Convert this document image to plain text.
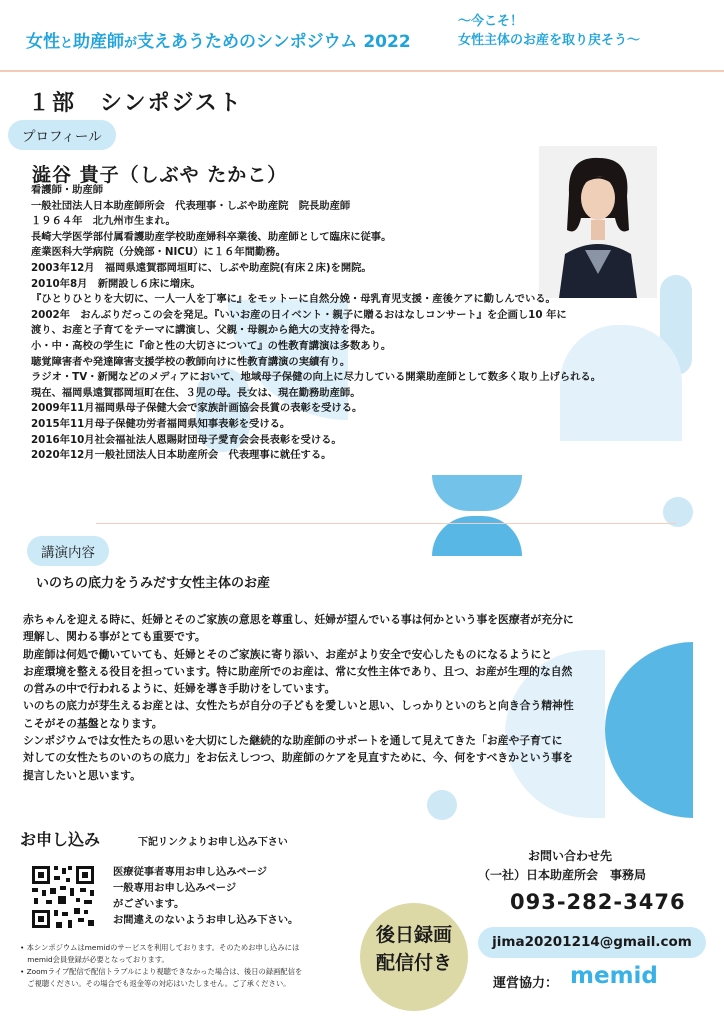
女性と助産師が支えあうためのシンポジウム 2022
〜今こそ！
女性主体のお産を取り戻そう〜
１部　シンポジスト
プロフィール
澁谷 貴子（しぶや たかこ）
看護師・助産師
一般社団法人日本助産師所会　代表理事・しぶや助産院　院長助産師
１９６４年　北九州市生まれ。
長崎大学医学部付属看護助産学校助産婦科卒業後、助産師として臨床に従事。
産業医科大学病院（分娩部・NICU）に１６年間勤務。
2003年12月　福岡県遠賀郡岡垣町に、しぶや助産院(有床２床)を開院。
2010年8月　新開設し６床に増床。
『ひとりひとりを大切に、一人一人を丁寧に』をモットーに自然分娩・母乳育児支援・産後ケアに勤しんでいる。
2002年　おんぶりだっこの会を発足。『いいお産の日イベント・親子に贈るおはなしコンサート』を企画し10 年に
渡り、お産と子育てをテーマに講演し、父親・母親から絶大の支持を得た。
小・中・高校の学生に『命と性の大切さについて』の性教育講演は多数あり。
聴覚障害者や発達障害支援学校の教師向けに性教育講演の実績有り。
ラジオ・TV・新聞などのメディアにおいて、地域母子保健の向上に尽力している開業助産師として数多く取り上げられる。
現在、福岡県遠賀郡岡垣町在住、３児の母。長女は、現在勤務助産師。
2009年11月福岡県母子保健大会で家族計画協会長賞の表彰を受ける。
2015年11月母子保健功労者福岡県知事表彰を受ける。
2016年10月社会福祉法人恩賜財団母子愛育会会長表彰を受ける。
2020年12月一般社団法人日本助産所会　代表理事に就任する。
講演内容
いのちの底力をうみだす女性主体のお産
赤ちゃんを迎える時に、妊婦とそのご家族の意思を尊重し、妊婦が望んでいる事は何かという事を医療者が充分に
理解し、関わる事がとても重要です。
助産師は何処で働いていても、妊婦とそのご家族に寄り添い、お産がより安全で安心したものになるようにと
お産環境を整える役目を担っています。特に助産所でのお産は、常に女性主体であり、且つ、お産が生理的な自然
の営みの中で行われるように、妊婦を導き手助けをしています。
いのちの底力が芽生えるお産とは、女性たちが自分の子どもを愛しいと思い、しっかりといのちと向き合う精神性
こそがその基盤となります。
シンポジウムでは女性たちの思いを大切にした継続的な助産師のサポートを通して見えてきた「お産や子育てに
対しての女性たちのいのちの底力」をお伝えしつつ、助産師のケアを見直すために、今、何をすべきかという事を
提言したいと思います。
お申し込み	下記リンクよりお申し込み下さい
医療従事者専用お申し込みページ
一般専用お申し込みページ
がございます。
お間違えのないようお申し込み下さい。
• 本シンポジウムはmemidのサービスを利用しております。そのためお申し込みには
　memid会員登録が必要となっております。
• Zoomライブ配信で配信トラブルにより視聴できなかった場合は、後日の録画配信を
　ご視聴ください。その場合でも返金等の対応はいたしません。ご了承ください。
後日録画
配信付き
お問い合わせ先
（一社）日本助産所会　事務局
093-282-3476
jima20201214@gmail.com
運営協力： memid
